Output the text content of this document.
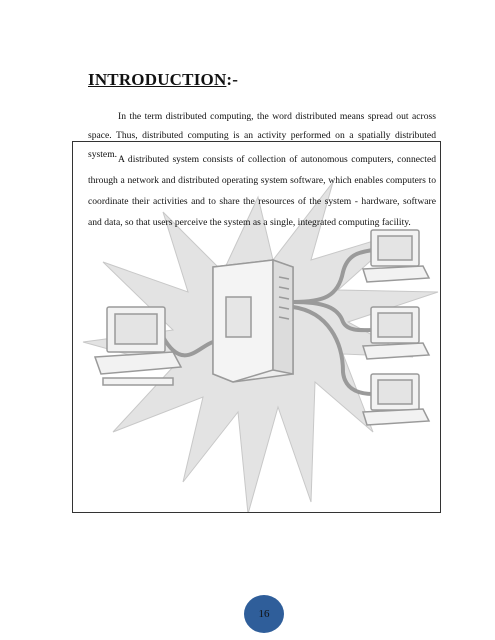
INTRODUCTION:-
In the term distributed computing, the word distributed means spread out across space. Thus, distributed computing is an activity performed on a spatially distributed system. A distributed system consists of collection of autonomous computers, connected through a network and distributed operating system software, which enables computers to coordinate their activities and to share the resources of the system - hardware, software and data, so that users perceive the system as a single, integrated computing facility.
16
